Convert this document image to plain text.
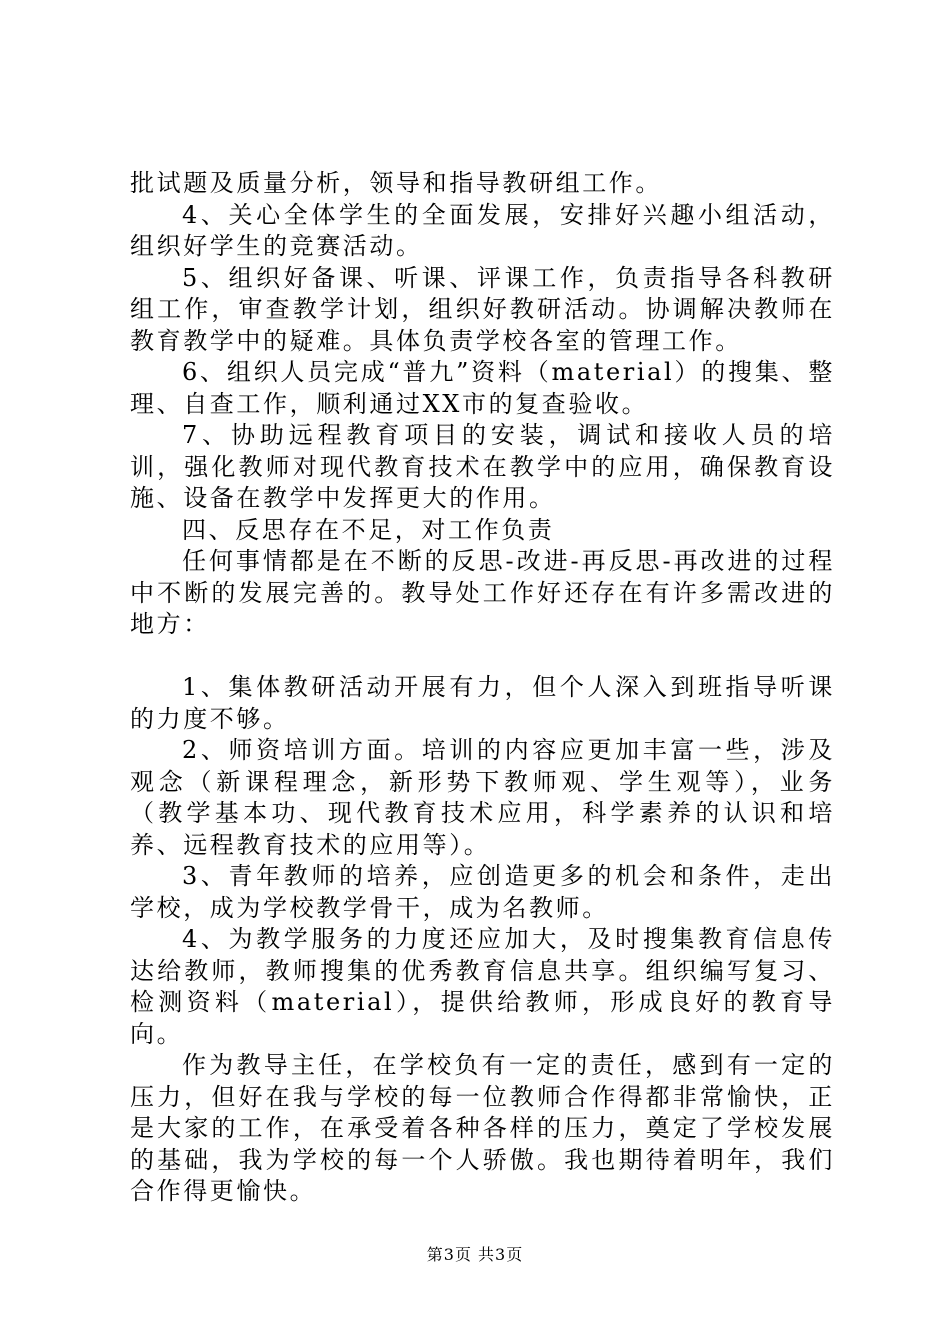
批试题及质量分析，领导和指导教研组工作。

4、关心全体学生的全面发展，安排好兴趣小组活动，组织好学生的竞赛活动。

5、组织好备课、听课、评课工作，负责指导各科教研组工作，审查教学计划，组织好教研活动。协调解决教师在教育教学中的疑难。具体负责学校各室的管理工作。

6、组织人员完成“普九”资料（material）的搜集、整理、自查工作，顺利通过XX市的复查验收。

7、协助远程教育项目的安装，调试和接收人员的培训，强化教师对现代教育技术在教学中的应用，确保教育设施、设备在教学中发挥更大的作用。

四、反思存在不足，对工作负责

任何事情都是在不断的反思-改进-再反思-再改进的过程中不断的发展完善的。教导处工作好还存在有许多需改进的地方：

1、集体教研活动开展有力，但个人深入到班指导听课的力度不够。

2、师资培训方面。培训的内容应更加丰富一些，涉及观念（新课程理念，新形势下教师观、学生观等），业务（教学基本功、现代教育技术应用，科学素养的认识和培养、远程教育技术的应用等）。

3、青年教师的培养，应创造更多的机会和条件，走出学校，成为学校教学骨干，成为名教师。

4、为教学服务的力度还应加大，及时搜集教育信息传达给教师，教师搜集的优秀教育信息共享。组织编写复习、检测资料（material），提供给教师，形成良好的教育导向。

作为教导主任，在学校负有一定的责任，感到有一定的压力，但好在我与学校的每一位教师合作得都非常愉快，正是大家的工作，在承受着各种各样的压力，奠定了学校发展的基础，我为学校的每一个人骄傲。我也期待着明年，我们合作得更愉快。

第3页 共3页
